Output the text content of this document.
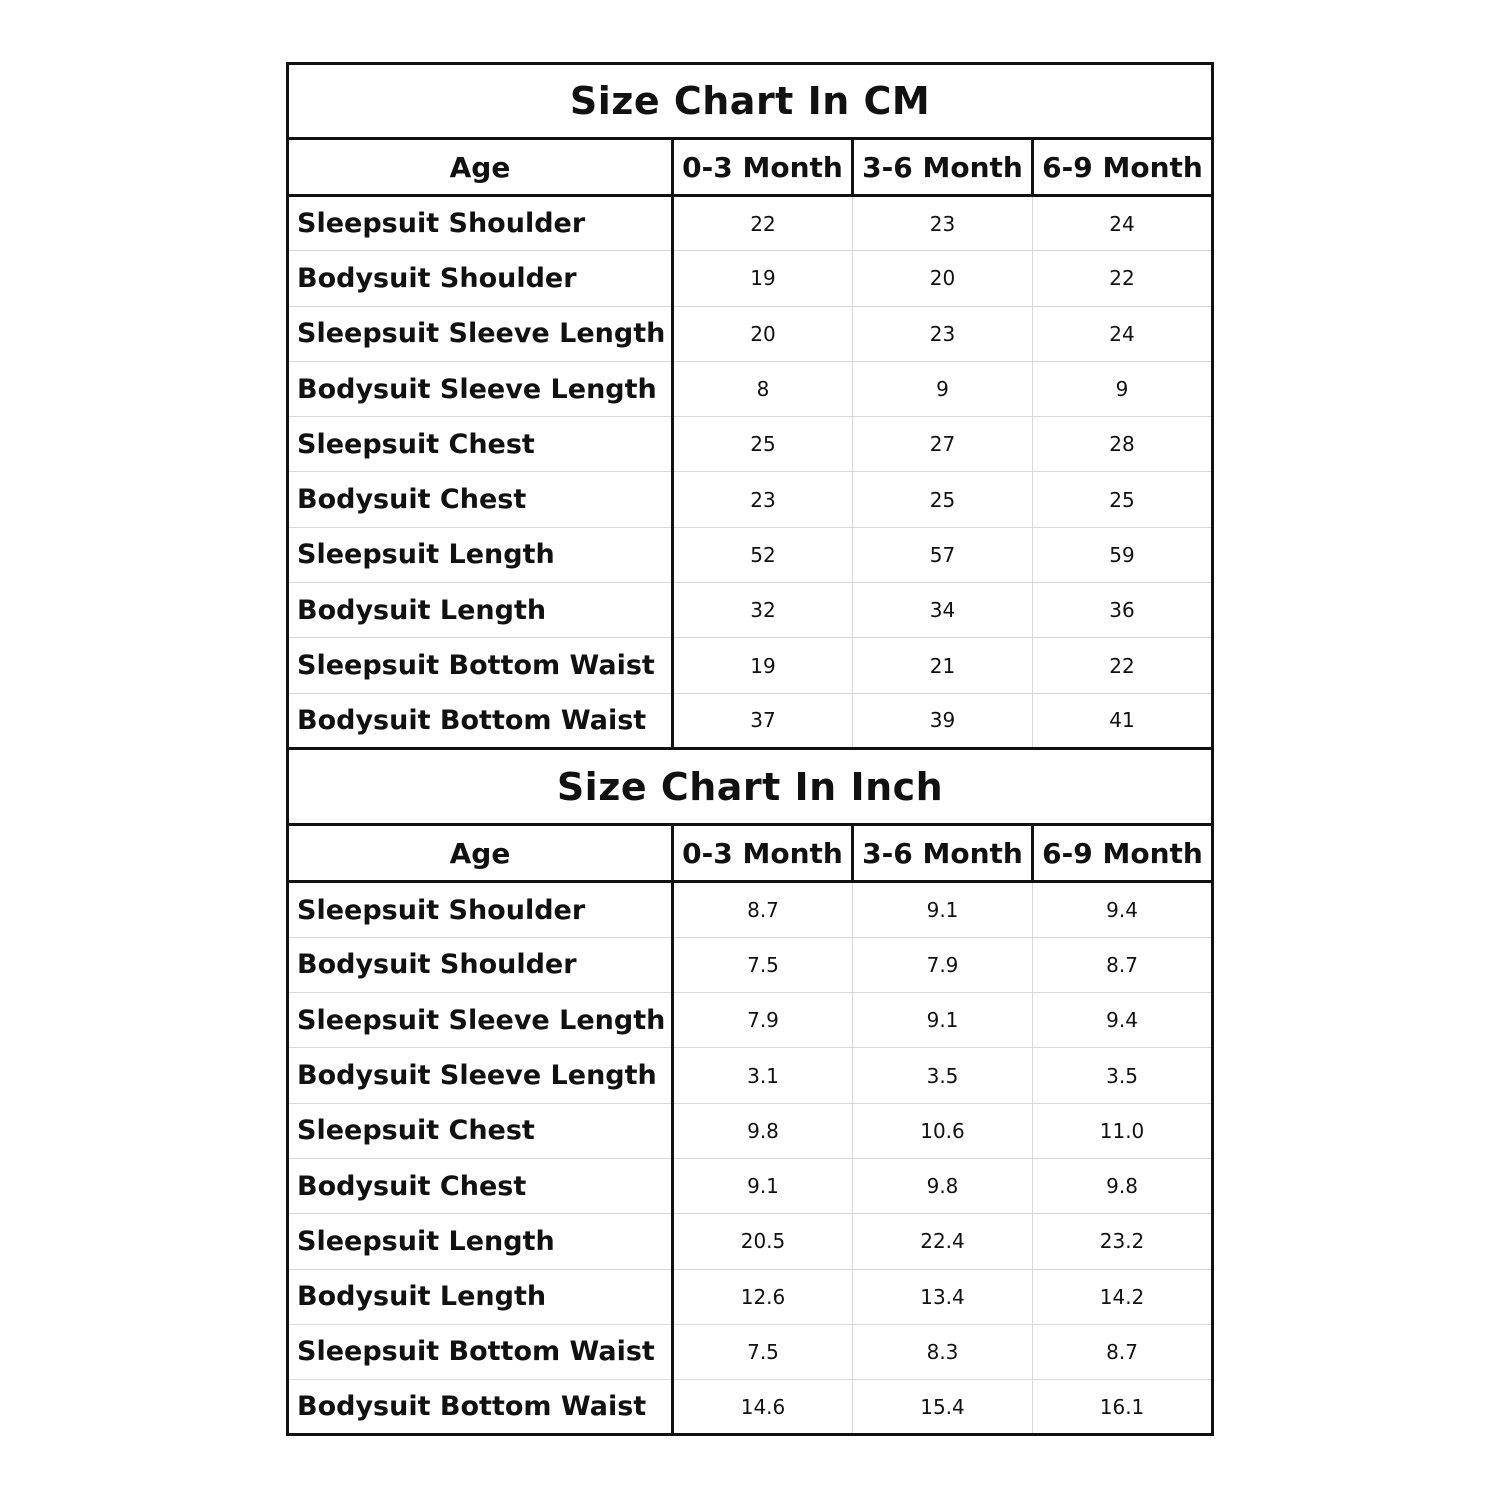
Size Chart In CM			
Age	0-3 Month	3-6 Month	6-9 Month
Sleepsuit Shoulder	22	23	24
Bodysuit Shoulder	19	20	22
Sleepsuit Sleeve Length	20	23	24
Bodysuit Sleeve Length	8	9	9
Sleepsuit Chest	25	27	28
Bodysuit Chest	23	25	25
Sleepsuit Length	52	57	59
Bodysuit Length	32	34	36
Sleepsuit Bottom Waist	19	21	22
Bodysuit Bottom Waist	37	39	41
Size Chart In Inch			
Age	0-3 Month	3-6 Month	6-9 Month
Sleepsuit Shoulder	8.7	9.1	9.4
Bodysuit Shoulder	7.5	7.9	8.7
Sleepsuit Sleeve Length	7.9	9.1	9.4
Bodysuit Sleeve Length	3.1	3.5	3.5
Sleepsuit Chest	9.8	10.6	11.0
Bodysuit Chest	9.1	9.8	9.8
Sleepsuit Length	20.5	22.4	23.2
Bodysuit Length	12.6	13.4	14.2
Sleepsuit Bottom Waist	7.5	8.3	8.7
Bodysuit Bottom Waist	14.6	15.4	16.1
